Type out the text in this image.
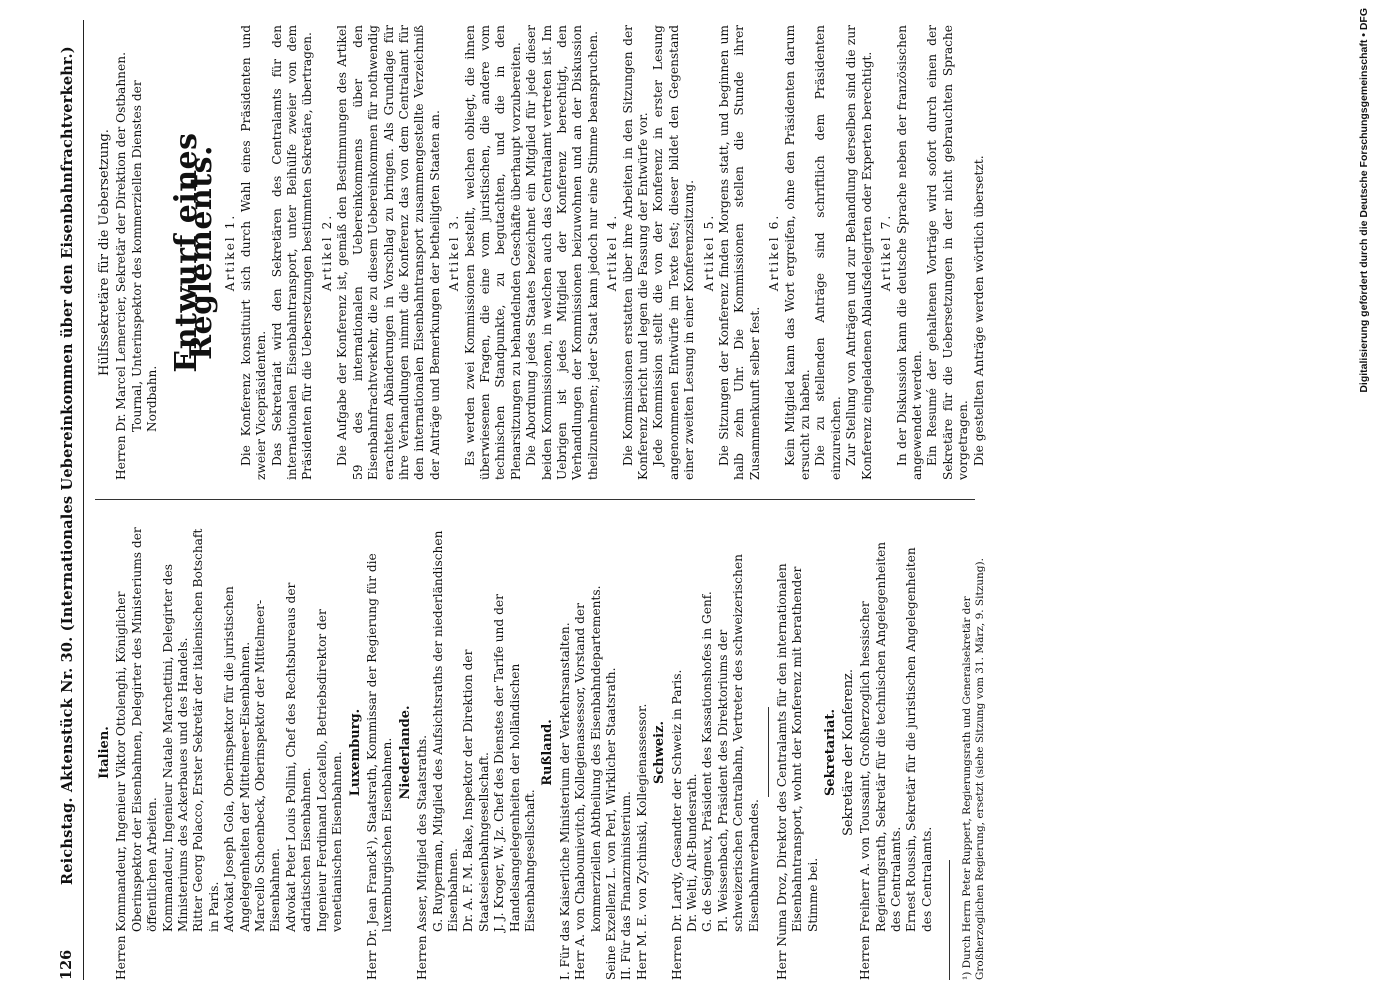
126
Reichstag. Aktenstück Nr. 30. (Internationales Uebereinkommen über den Eisenbahnfrachtverkehr.) Italien. Herren Kommandeur, Ingenieur Viktor Ottolenghi, Königlicher Oberinspektor der Eisenbahnen, Delegirter des Ministeriums der öffentlichen Arbeiten. Kommandeur, Ingenieur Natale Marchettini, Delegirter des Ministeriums des Ackerbaues und des Handels. Ritter Georg Polacco, Erster Sekretär der italienischen Botschaft in Paris. Advokat Joseph Gola, Oberinspektor für die juristischen Angelegenheiten der Mittelmeer-Eisenbahnen. Marcello Schoenbeck, Oberinspektor der Mittelmeer-Eisenbahnen. Advokat Peter Louis Pollini, Chef des Rechtsbureaus der adriatischen Eisenbahnen. Ingenieur Ferdinand Locatello, Betriebsdirektor der venetianischen Eisenbahnen. Luxemburg. Herr Dr. Jean Franck¹), Staatsrath, Kommissar der Regierung für die luxemburgischen Eisenbahnen. Niederlande. Herren Asser, Mitglied des Staatsraths. G. Ruyperman, Mitglied des Aufsichtsraths der niederländischen Eisenbahnen. Dr. A. F. M. Bake, Inspektor der Direktion der Staatseisenbahngesellschaft. J. J. Kroger, W. Jz. Chef des Dienstes der Tarife und der Handelsangelegenheiten der holländischen Eisenbahngesellschaft.

Rußland. I. Für das Kaiserliche Ministerium der Verkehrsanstalten. Herr A. von Chabounievitch, Kollegienassessor, Vorstand der kommerziellen Abtheilung des Eisenbahndepartements. Seine Exzellenz L. von Perl, Wirklicher Staatsrath. II. Für das Finanzministerium. Herr M. E. von Zychinski, Kollegienassessor. Schweiz. Herren Dr. Lardy, Gesandter der Schweiz in Paris. Dr. Welti, Alt-Bundesrath. G. de Seigneux, Präsident des Kassationshofes in Genf. Pl. Weissenbach, Präsident des Direktoriums der schweizerischen Centralbahn, Vertreter des schweizerischen Eisenbahnverbandes. Herr Numa Droz, Direktor des Centralamts für den internationalen Eisenbahntransport, wohnt der Konferenz mit berathender Stimme bei.

Sekretariat. Sekretäre der Konferenz. Herren Freiherr A. von Toussaint, Großherzoglich hessischer Regierungsrath, Sekretär für die technischen Angelegenheiten des Centralamts. Ernest Roussin, Sekretär für die juristischen Angelegenheiten des Centralamts.	¹) Durch Herrn Peter Ruppert, Regierungsrath und Generalsekretär der Großherzoglichen Regierung, ersetzt (siehe Sitzung vom 31. März, 9. Sitzung).

Hülfssekretäre für die Uebersetzung. Herren Dr. Marcel Lemercier, Sekretär der Direktion der Ostbahnen. Tournal, Unterinspektor des kommerziellen Dienstes der Nordbahn.

Entwurf eines Reglements. Artikel 1. Die Konferenz konstituirt sich durch Wahl eines Präsidenten und zweier Vicepräsidenten. Das Sekretariat wird den Sekretären des Centralamts für den internationalen Eisenbahntransport, unter Beihülfe zweier von dem Präsidenten für die Uebersetzungen bestimmten Sekretäre, übertragen. Artikel 2. Die Aufgabe der Konferenz ist, gemäß den Bestimmungen des Artikel 59 des internationalen Uebereinkommens über den Eisenbahnfrachtverkehr, die zu diesem Uebereinkommen für nothwendig erachteten Abänderungen in Vorschlag zu bringen. Als Grundlage für ihre Verhandlungen nimmt die Konferenz das von dem Centralamt für den internationalen Eisenbahntransport zusammengestellte Verzeichniß der Anträge und Bemerkungen der betheiligten Staaten an. Artikel 3. Es werden zwei Kommissionen bestellt, welchen obliegt, die ihnen überwiesenen Fragen, die eine vom juristischen, die andere vom technischen Standpunkte, zu begutachten, und die in den Plenarsitzungen zu behandelnden Geschäfte überhaupt vorzubereiten. Die Abordnung jedes Staates bezeichnet ein Mitglied für jede dieser beiden Kommissionen, in welchen auch das Centralamt vertreten ist. Im Uebrigen ist jedes Mitglied der Konferenz berechtigt, den Verhandlungen der Kommissionen beizuwohnen und an der Diskussion theilzunehmen; jeder Staat kann jedoch nur eine Stimme beanspruchen. Artikel 4. Die Kommissionen erstatten über ihre Arbeiten in den Sitzungen der Konferenz Bericht und legen die Fassung der Entwürfe vor. Jede Kommission stellt die von der Konferenz in erster Lesung angenommenen Entwürfe im Texte fest; dieser bildet den Gegenstand einer zweiten Lesung in einer Konferenzsitzung. Artikel 5. Die Sitzungen der Konferenz finden Morgens statt, und beginnen um halb zehn Uhr. Die Kommissionen stellen die Stunde ihrer Zusammenkunft selber fest.

Artikel 6. Kein Mitglied kann das Wort ergreifen, ohne den Präsidenten darum ersucht zu haben. Die zu stellenden Anträge sind schriftlich dem Präsidenten einzureichen. Zur Stellung von Anträgen und zur Behandlung derselben sind die zur Konferenz eingeladenen Ablaufsdelegirten oder Experten berechtigt. Artikel 7. In der Diskussion kann die deutsche Sprache neben der französischen angewendet werden. Ein Resumé der gehaltenen Vorträge wird sofort durch einen der Sekretäre für die Uebersetzungen in der nicht gebrauchten Sprache vorgetragen. Die gestellten Anträge werden wörtlich übersetzt.	Digitalisierung gefördert durch die Deutsche Forschungsgemeinschaft • DFG
